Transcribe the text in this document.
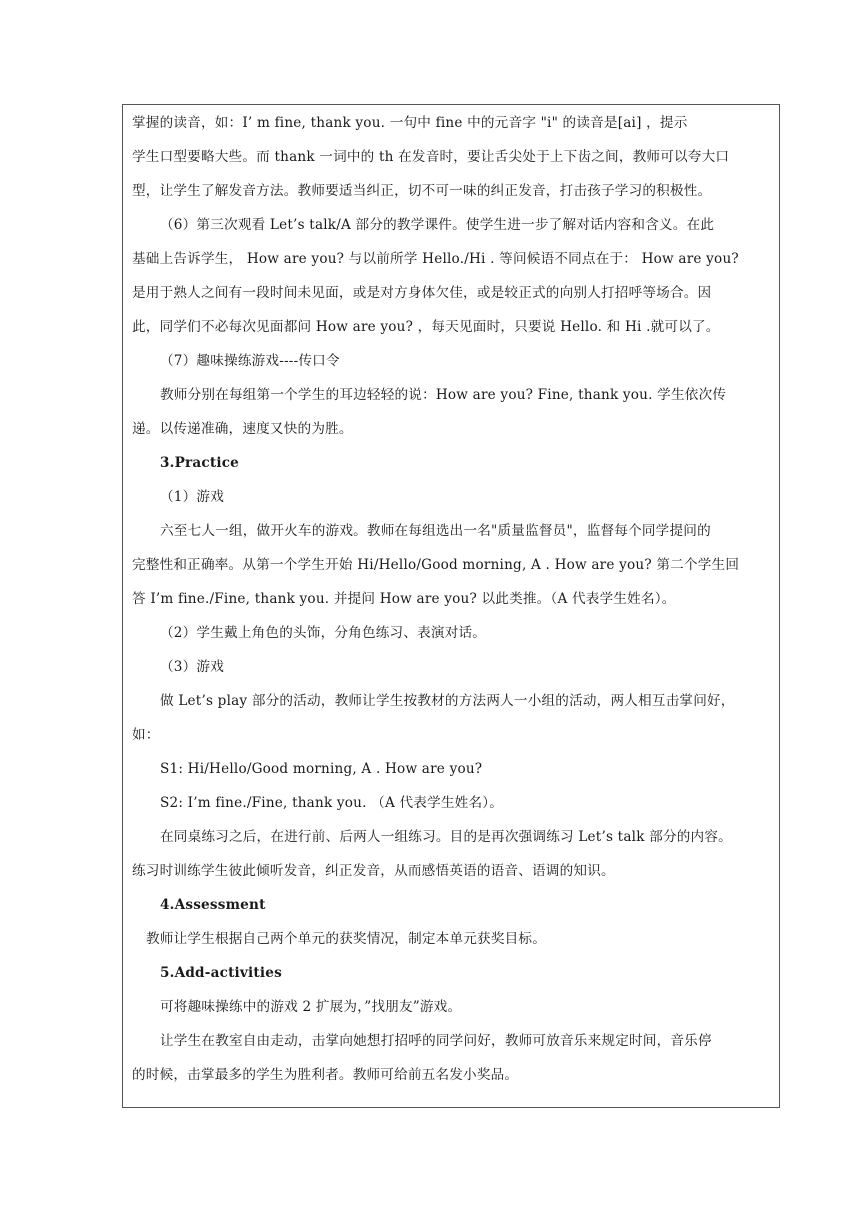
掌握的读音，如：I’ m fine, thank you. 一句中 fine 中的元音字 "i" 的读音是[ai] ，提示
学生口型要略大些。而 thank 一词中的 th 在发音时，要让舌尖处于上下齿之间，教师可以夸大口
型，让学生了解发音方法。教师要适当纠正，切不可一味的纠正发音，打击孩子学习的积极性。
（6）第三次观看 Let’s talk/A 部分的教学课件。使学生进一步了解对话内容和含义。在此
基础上告诉学生， How are you? 与以前所学 Hello./Hi . 等问候语不同点在于： How are you?
是用于熟人之间有一段时间未见面，或是对方身体欠佳，或是较正式的向别人打招呼等场合。因
此，同学们不必每次见面都问 How are you? ，每天见面时，只要说 Hello. 和 Hi .就可以了。
（7）趣味操练游戏----传口令
教师分别在每组第一个学生的耳边轻轻的说：How are you? Fine, thank you. 学生依次传
递。以传递准确，速度又快的为胜。
3.Practice
（1）游戏
六至七人一组，做开火车的游戏。教师在每组选出一名"质量监督员"，监督每个同学提问的
完整性和正确率。从第一个学生开始 Hi/Hello/Good morning, A . How are you? 第二个学生回
答 I’m fine./Fine, thank you. 并提问 How are you? 以此类推。（A 代表学生姓名）。
（2）学生戴上角色的头饰，分角色练习、表演对话。
（3）游戏
做 Let’s play 部分的活动，教师让学生按教材的方法两人一小组的活动，两人相互击掌问好，
如：
S1: Hi/Hello/Good morning, A . How are you?
S2: I’m fine./Fine, thank you. （A 代表学生姓名）。
在同桌练习之后，在进行前、后两人一组练习。目的是再次强调练习 Let’s talk 部分的内容。
练习时训练学生彼此倾听发音，纠正发音，从而感悟英语的语音、语调的知识。
4.Assessment
教师让学生根据自己两个单元的获奖情况，制定本单元获奖目标。
5.Add-activities
可将趣味操练中的游戏 2 扩展为，”找朋友”游戏。
让学生在教室自由走动，击掌向她想打招呼的同学问好，教师可放音乐来规定时间，音乐停
的时候，击掌最多的学生为胜利者。教师可给前五名发小奖品。
